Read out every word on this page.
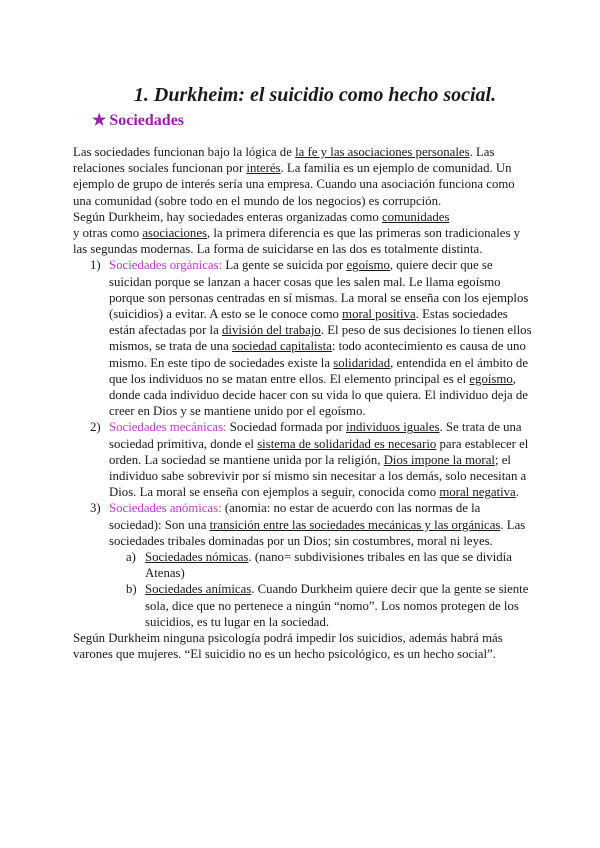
1. Durkheim: el suicidio como hecho social.
★ Sociedades

Las sociedades funcionan bajo la lógica de la fe y las asociaciones personales. Las relaciones sociales funcionan por interés. La familia es un ejemplo de comunidad. Un ejemplo de grupo de interés sería una empresa. Cuando una asociación funciona como una comunidad (sobre todo en el mundo de los negocios) es corrupción.

Según Durkheim, hay sociedades enteras organizadas como comunidades
y otras como asociaciones, la primera diferencia es que las primeras son tradicionales y las segundas modernas. La forma de suicidarse en las dos es totalmente distinta.

1) Sociedades orgánicas: La gente se suicida por egoísmo, quiere decir que se suicidan porque se lanzan a hacer cosas que les salen mal. Le llama egoísmo porque son personas centradas en sí mismas. La moral se enseña con los ejemplos (suicidios) a evitar. A esto se le conoce como moral positiva. Estas sociedades están afectadas por la división del trabajo. El peso de sus decisiones lo tienen ellos mismos, se trata de una sociedad capitalista: todo acontecimiento es causa de uno mismo. En este tipo de sociedades existe la solidaridad, entendida en el ámbito de que los individuos no se matan entre ellos. El elemento principal es el egoísmo, donde cada individuo decide hacer con su vida lo que quiera. El individuo deja de creer en Dios y se mantiene unido por el egoísmo.
2) Sociedades mecánicas: Sociedad formada por individuos iguales. Se trata de una sociedad primitiva, donde el sistema de solidaridad es necesario para establecer el orden. La sociedad se mantiene unida por la religión, Dios impone la moral; el individuo sabe sobrevivir por sí mismo sin necesitar a los demás, solo necesitan a Dios. La moral se enseña con ejemplos a seguir, conocida como moral negativa.
3) Sociedades anómicas: (anomia: no estar de acuerdo con las normas de la sociedad): Son una transición entre las sociedades mecánicas y las orgánicas. Las sociedades tribales dominadas por un Dios; sin costumbres, moral ni leyes.
a) Sociedades nómicas. (nano= subdivisiones tribales en las que se dividía Atenas)
b) Sociedades anímicas. Cuando Durkheim quiere decir que la gente se siente sola, dice que no pertenece a ningún “nomo”. Los nomos protegen de los suicidios, es tu lugar en la sociedad.

Según Durkheim ninguna psicología podrá impedir los suicidios, además habrá más varones que mujeres. “El suicidio no es un hecho psicológico, es un hecho social”.
